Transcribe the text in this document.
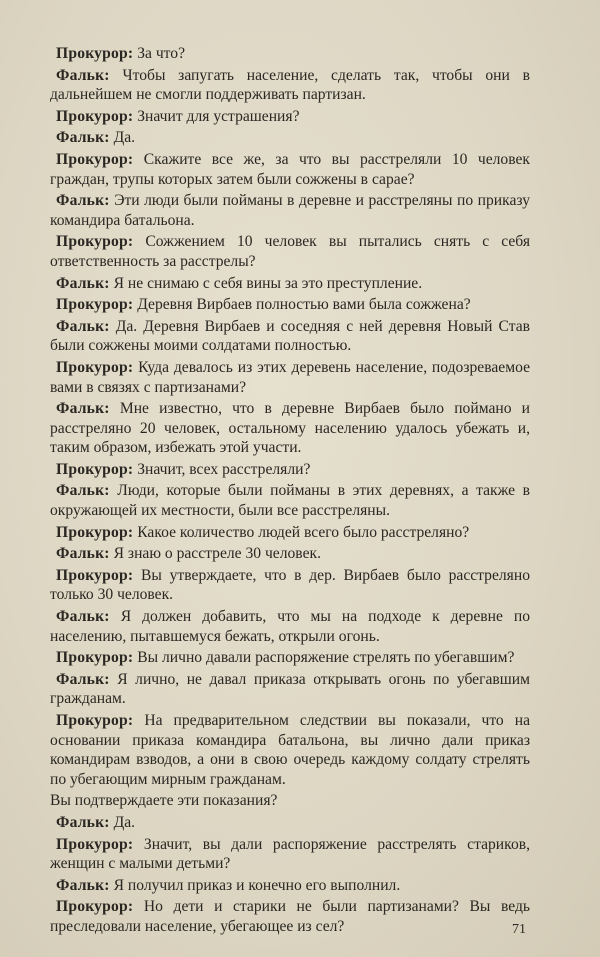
Прокурор: За что?

Фальк: Чтобы запугать население, сделать так, чтобы они в дальнейшем не смогли поддерживать партизан.

Прокурор: Значит для устрашения?

Фальк: Да.

Прокурор: Скажите все же, за что вы расстреляли 10 человек граждан, трупы которых затем были сожжены в сарае?

Фальк: Эти люди были пойманы в деревне и расстреляны по приказу командира батальона.

Прокурор: Сожжением 10 человек вы пытались снять с себя ответственность за расстрелы?

Фальк: Я не снимаю с себя вины за это преступление.

Прокурор: Деревня Вирбаев полностью вами была сожжена?

Фальк: Да. Деревня Вирбаев и соседняя с ней деревня Новый Став были сожжены моими солдатами полностью.

Прокурор: Куда девалось из этих деревень население, подозреваемое вами в связях с партизанами?

Фальк: Мне известно, что в деревне Вирбаев было поймано и расстреляно 20 человек, остальному населению удалось убежать и, таким образом, избежать этой участи.

Прокурор: Значит, всех расстреляли?

Фальк: Люди, которые были пойманы в этих деревнях, а также в окружающей их местности, были все расстреляны.

Прокурор: Какое количество людей всего было расстреляно?

Фальк: Я знаю о расстреле 30 человек.

Прокурор: Вы утверждаете, что в дер. Вирбаев было расстреляно только 30 человек.

Фальк: Я должен добавить, что мы на подходе к деревне по населению, пытавшемуся бежать, открыли огонь.

Прокурор: Вы лично давали распоряжение стрелять по убегавшим?

Фальк: Я лично, не давал приказа открывать огонь по убегавшим гражданам.

Прокурор: На предварительном следствии вы показали, что на основании приказа командира батальона, вы лично дали приказ командирам взводов, а они в свою очередь каждому солдату стрелять по убегающим мирным гражданам.

Вы подтверждаете эти показания?

Фальк: Да.

Прокурор: Значит, вы дали распоряжение расстрелять стариков, женщин с малыми детьми?

Фальк: Я получил приказ и конечно его выполнил.

Прокурор: Но дети и старики не были партизанами? Вы ведь преследовали население, убегающее из сел?	71
